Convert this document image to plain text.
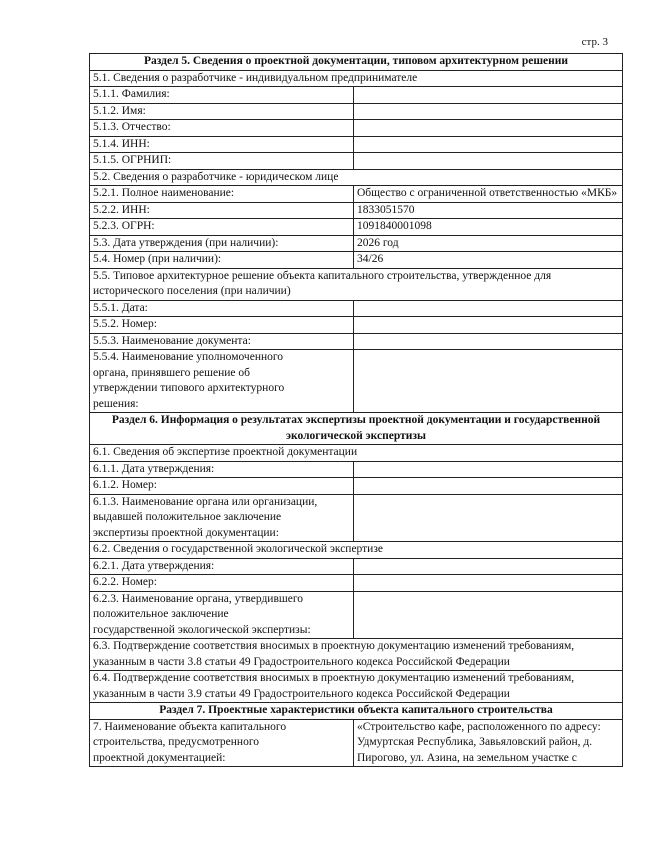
стр. 3
Раздел 5. Сведения о проектной документации, типовом архитектурном решении	
5.1. Сведения о разработчике - индивидуальном предпринимателе	
5.1.1. Фамилия:	
5.1.2. Имя:	
5.1.3. Отчество:	
5.1.4. ИНН:	
5.1.5. ОГРНИП:	
5.2. Сведения о разработчике - юридическом лице	
5.2.1. Полное наименование:	Общество с ограниченной ответственностью «МКБ»
5.2.2. ИНН:	1833051570
5.2.3. ОГРН:	1091840001098
5.3. Дата утверждения (при наличии):	2026 год
5.4. Номер (при наличии):	34/26
5.5. Типовое архитектурное решение объекта капитального строительства, утвержденное для исторического поселения (при наличии)	
5.5.1. Дата:	
5.5.2. Номер:	
5.5.3. Наименование документа:	
5.5.4. Наименование уполномоченного органа, принявшего решение об утверждении типового архитектурного решения:	
Раздел 6. Информация о результатах экспертизы проектной документации и государственной экологической экспертизы	
6.1. Сведения об экспертизе проектной документации	
6.1.1. Дата утверждения:	
6.1.2. Номер:	
6.1.3. Наименование органа или организации, выдавшей положительное заключение экспертизы проектной документации:	
6.2. Сведения о государственной экологической экспертизе	
6.2.1. Дата утверждения:	
6.2.2. Номер:	
6.2.3. Наименование органа, утвердившего положительное заключение государственной экологической экспертизы:	
6.3. Подтверждение соответствия вносимых в проектную документацию изменений требованиям, указанным в части 3.8 статьи 49 Градостроительного кодекса Российской Федерации	
6.4. Подтверждение соответствия вносимых в проектную документацию изменений требованиям, указанным в части 3.9 статьи 49 Градостроительного кодекса Российской Федерации	
Раздел 7. Проектные характеристики объекта капитального строительства	
7. Наименование объекта капитального строительства, предусмотренного проектной документацией:	«Строительство кафе, расположенного по адресу: Удмуртская Республика, Завьяловский район, д. Пирогово, ул. Азина, на земельном участке с
